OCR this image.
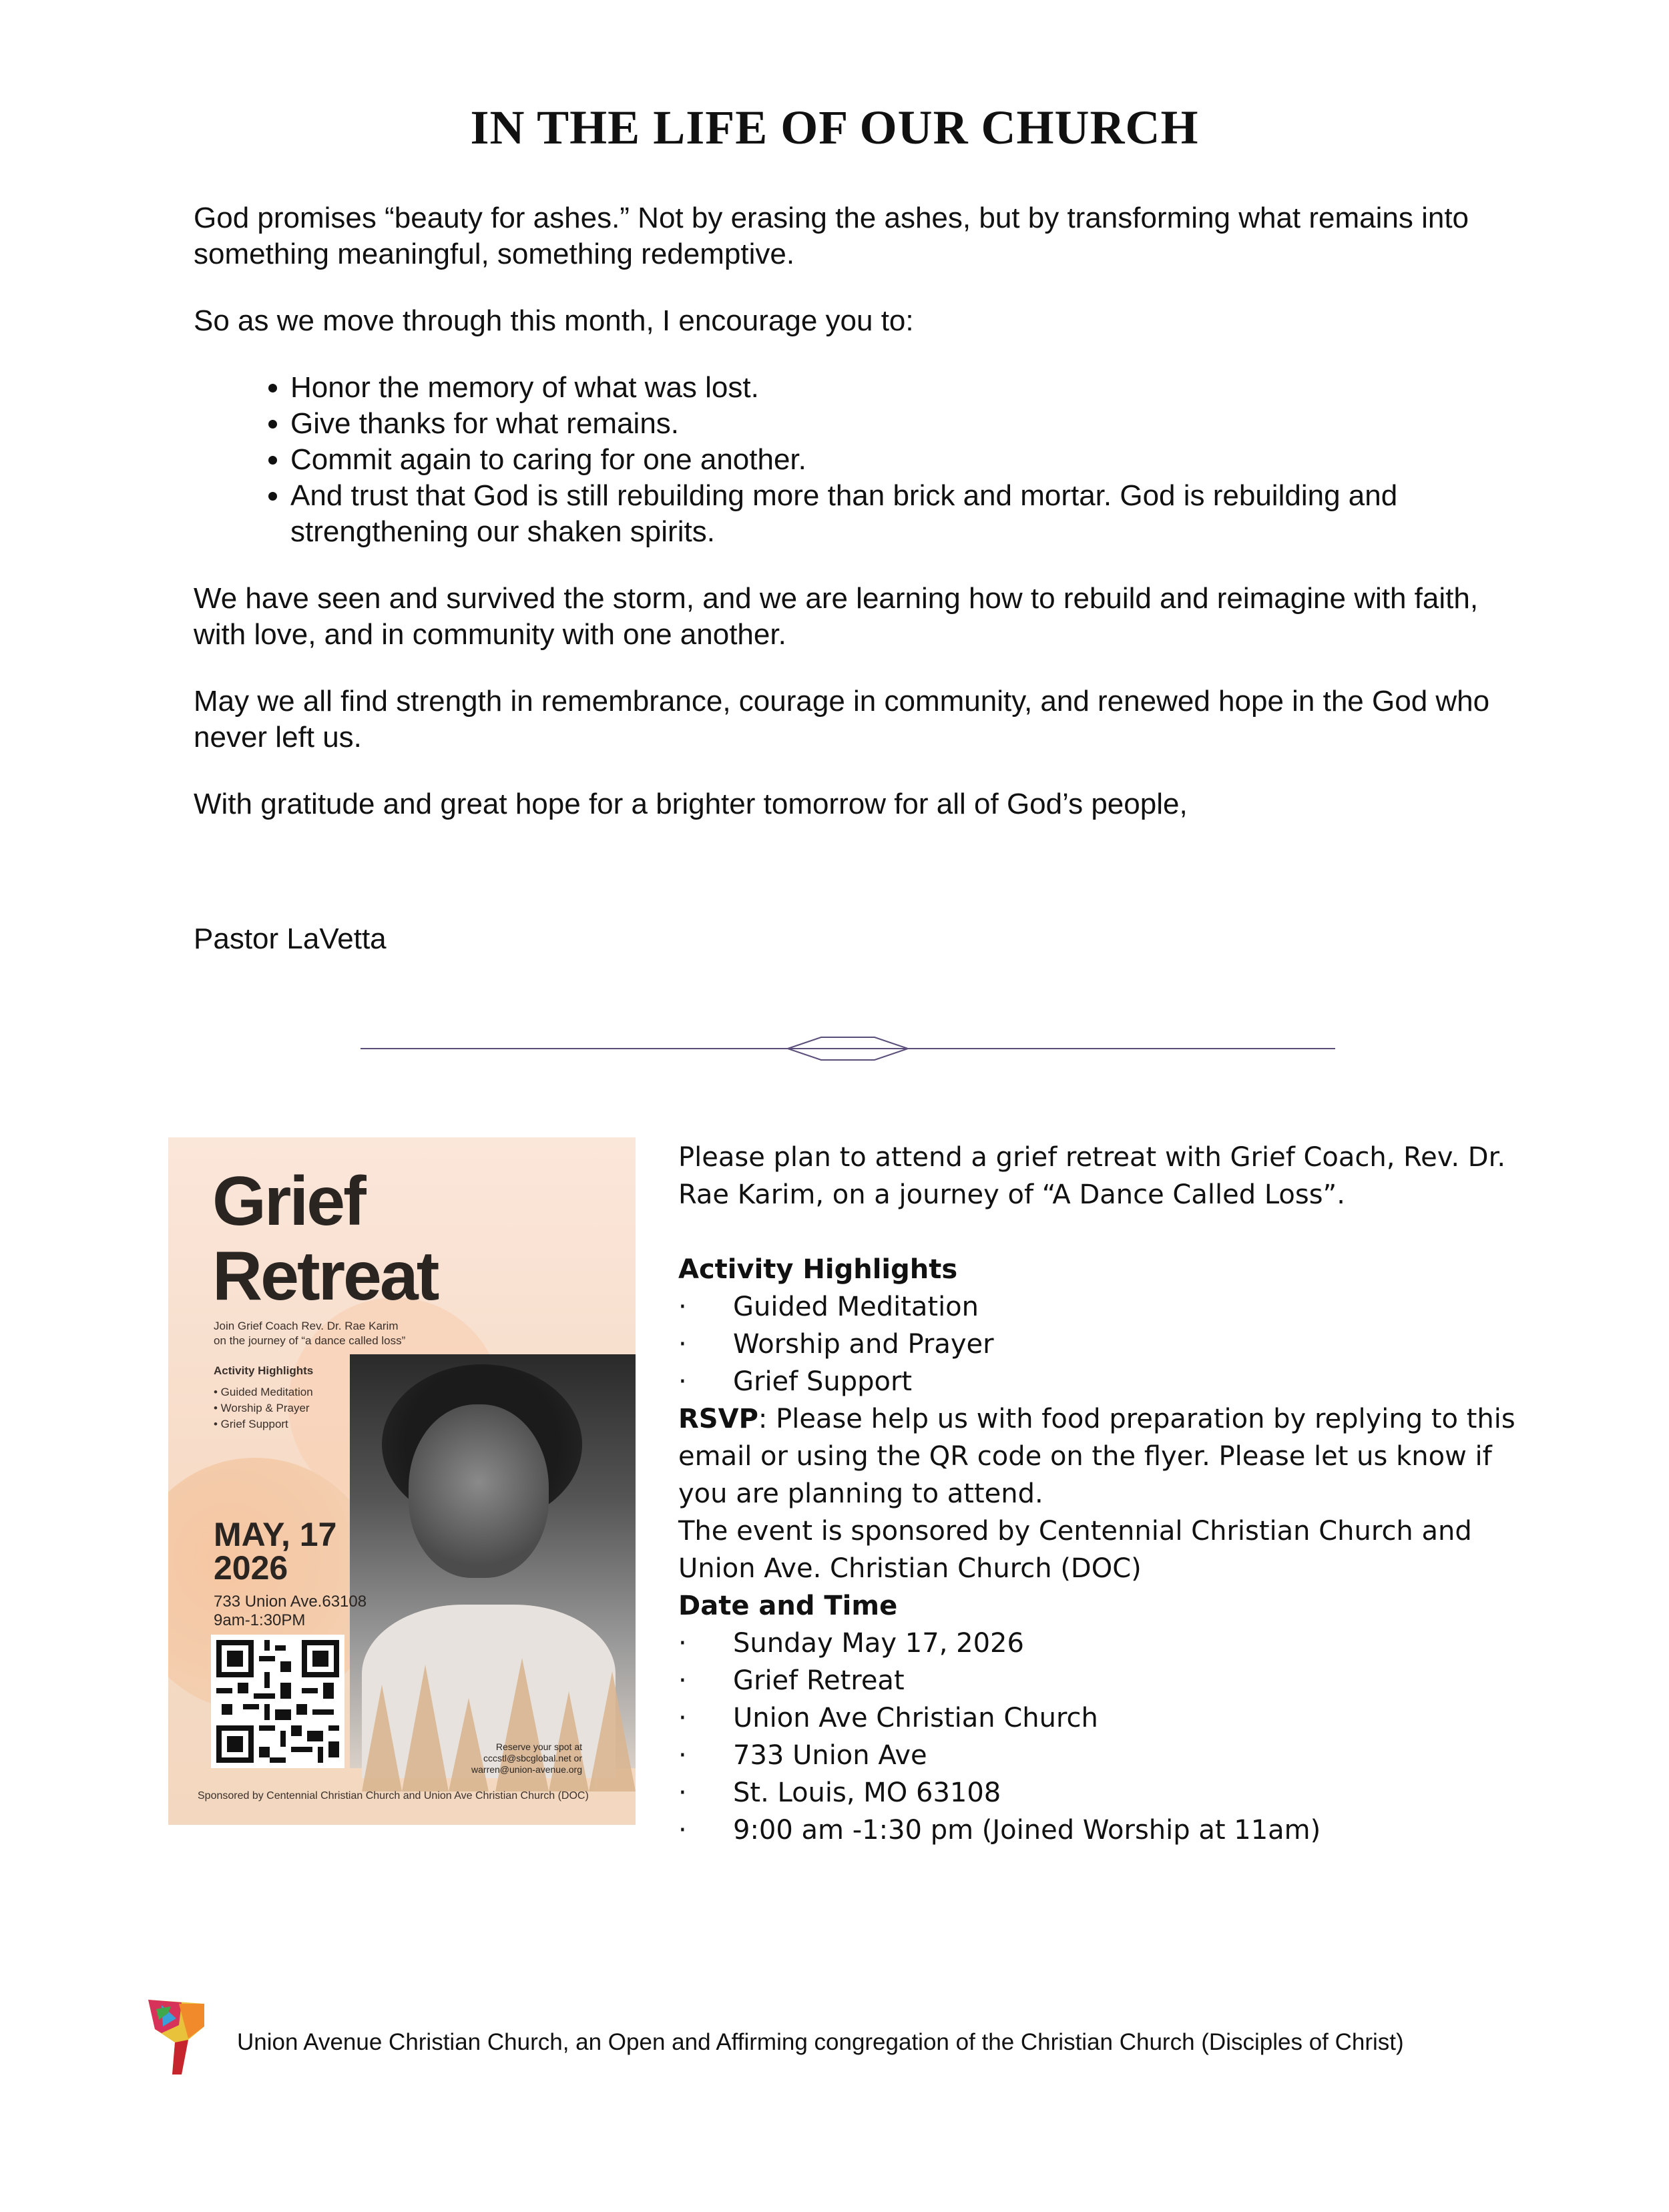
IN THE LIFE OF OUR CHURCH

God promises “beauty for ashes.” Not by erasing the ashes, but by transforming what remains into something meaningful, something redemptive.

So as we move through this month, I encourage you to:

• Honor the memory of what was lost.
• Give thanks for what remains.
• Commit again to caring for one another.
• And trust that God is still rebuilding more than brick and mortar. God is rebuilding and strengthening our shaken spirits.

We have seen and survived the storm, and we are learning how to rebuild and reimagine with faith, with love, and in community with one another.

May we all find strength in remembrance, courage in community, and renewed hope in the God who never left us.

With gratitude and great hope for a brighter tomorrow for all of God’s people,

Pastor LaVetta
Grief
Retreat
Join Grief Coach Rev. Dr. Rae Karim
on the journey of “a dance called loss”
Activity Highlights
• Guided Meditation
• Worship & Prayer
• Grief Support
MAY, 17
2026
733 Union Ave.63108
9am-1:30PM
Reserve your spot at
cccstl@sbcglobal.net or
warren@union-avenue.org
Sponsored by Centennial Christian Church and Union Ave Christian Church (DOC)

Please plan to attend a grief retreat with Grief Coach, Rev. Dr. Rae Karim, on a journey of “A Dance Called Loss”.

Activity Highlights

· Guided Meditation
· Worship and Prayer
· Grief Support

RSVP: Please help us with food preparation by replying to this email or using the QR code on the flyer. Please let us know if you are planning to attend.

The event is sponsored by Centennial Christian Church and Union Ave. Christian Church (DOC)

Date and Time

· Sunday May 17, 2026
· Grief Retreat
· Union Ave Christian Church
· 733 Union Ave
· St. Louis, MO 63108
· 9:00 am -1:30 pm (Joined Worship at 11am)
Union Avenue Christian Church, an Open and Affirming congregation of the Christian Church (Disciples of Christ)
